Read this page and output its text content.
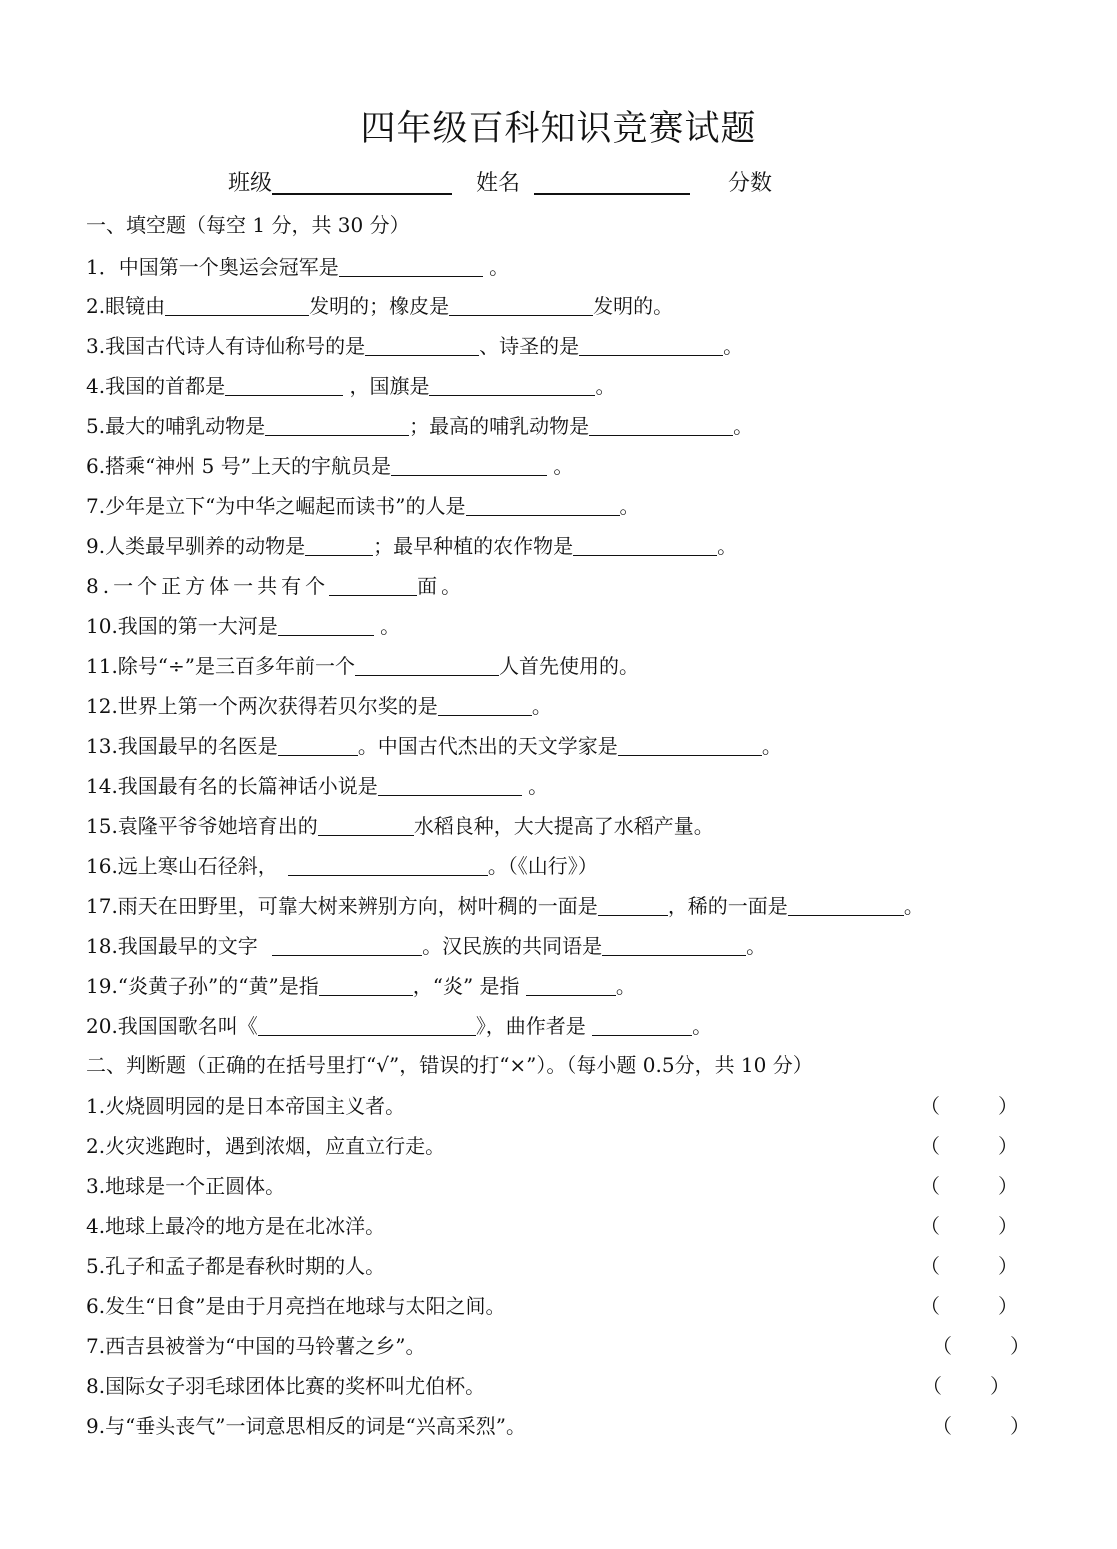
四年级百科知识竞赛试题
班级	姓名	分数
一、填空题（每空 1 分，共 30 分）
1．中国第一个奥运会冠军是	。
2.眼镜由	发明的；橡皮是	发明的。
3.我国古代诗人有诗仙称号的是	、诗圣的是	。
4.我国的首都是	，国旗是	。
5.最大的哺乳动物是	；最高的哺乳动物是	。
6.搭乘“神州 5 号”上天的宇航员是	。
7.少年是立下“为中华之崛起而读书”的人是	。
9.人类最早驯养的动物是	；最早种植的农作物是	。
8.一个正方体一共有个	面。
10.我国的第一大河是	。
11.除号“÷”是三百多年前一个	人首先使用的。
12.世界上第一个两次获得若贝尔奖的是	。
13.我国最早的名医是	。中国古代杰出的天文学家是	。
14.我国最有名的长篇神话小说是	。
15.袁隆平爷爷她培育出的	水稻良种，大大提高了水稻产量。
16.远上寒山石径斜，	。（《山行》）
17.雨天在田野里，可靠大树来辨别方向，树叶稠的一面是	，稀的一面是	。
18.我国最早的文字	。汉民族的共同语是	。
19.“炎黄子孙”的“黄”是指	，“炎” 是指	。
20.我国国歌名叫《	》，曲作者是	。
二、判断题（正确的在括号里打“√”，错误的打“×”）。（每小题 0.5分，共 10 分）
1.火烧圆明园的是日本帝国主义者。	（	）
2.火灾逃跑时，遇到浓烟，应直立行走。	（	）
3.地球是一个正圆体。	（	）
4.地球上最冷的地方是在北冰洋。	（	）
5.孔子和孟子都是春秋时期的人。	（	）
6.发生“日食”是由于月亮挡在地球与太阳之间。	（	）
7.西吉县被誉为“中国的马铃薯之乡”。	（	）
8.国际女子羽毛球团体比赛的奖杯叫尤伯杯。	（ ）
9.与“垂头丧气”一词意思相反的词是“兴高采烈”。	（	）
